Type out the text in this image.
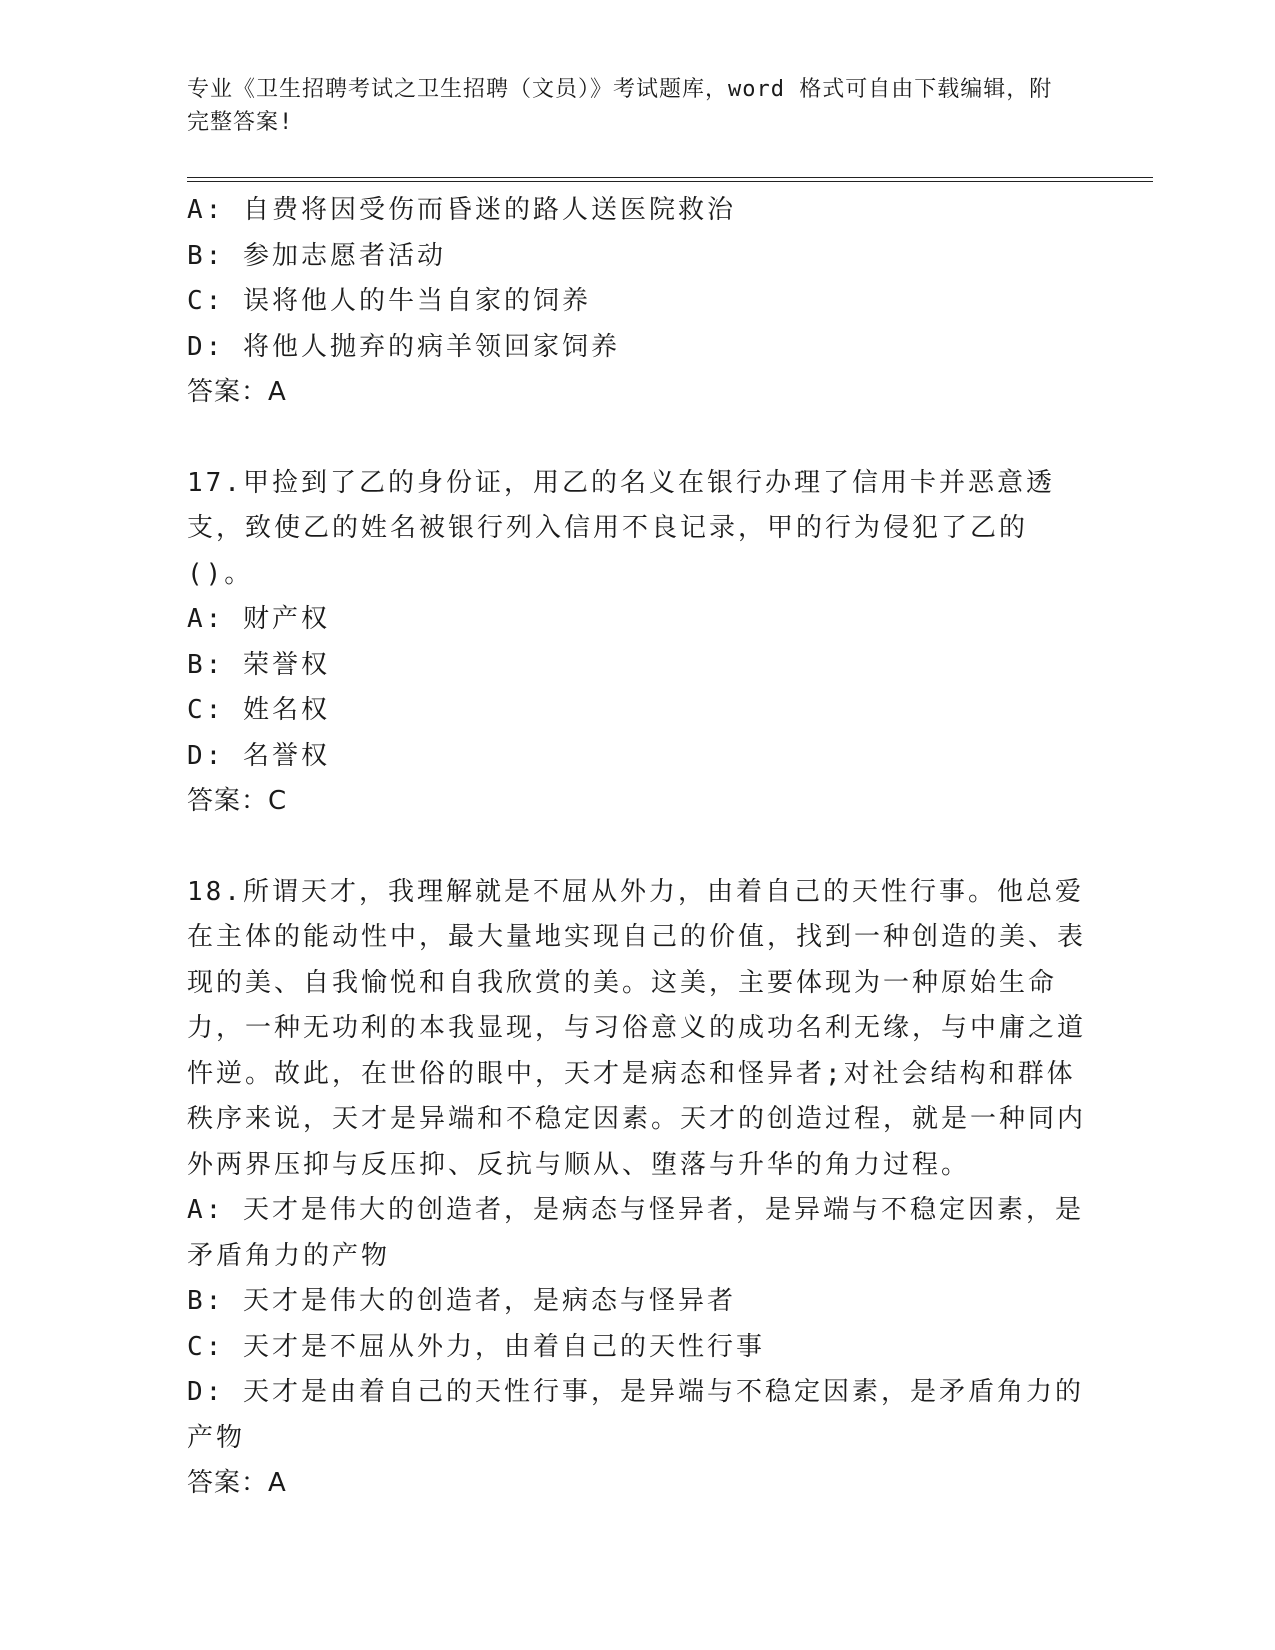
专业《卫生招聘考试之卫生招聘（文员）》考试题库，word 格式可自由下载编辑，附完整答案!

A: 自费将因受伤而昏迷的路人送医院救治

B: 参加志愿者活动

C: 误将他人的牛当自家的饲养

D: 将他人抛弃的病羊领回家饲养

答案：A

17.甲捡到了乙的身份证，用乙的名义在银行办理了信用卡并恶意透支，致使乙的姓名被银行列入信用不良记录，甲的行为侵犯了乙的()。

A: 财产权

B: 荣誉权

C: 姓名权

D: 名誉权

答案：C

18.所谓天才，我理解就是不屈从外力，由着自己的天性行事。他总爱在主体的能动性中，最大量地实现自己的价值，找到一种创造的美、表现的美、自我愉悦和自我欣赏的美。这美，主要体现为一种原始生命力，一种无功利的本我显现，与习俗意义的成功名利无缘，与中庸之道忤逆。故此，在世俗的眼中，天才是病态和怪异者;对社会结构和群体秩序来说，天才是异端和不稳定因素。天才的创造过程，就是一种同内外两界压抑与反压抑、反抗与顺从、堕落与升华的角力过程。

A: 天才是伟大的创造者，是病态与怪异者，是异端与不稳定因素，是矛盾角力的产物

B: 天才是伟大的创造者，是病态与怪异者

C: 天才是不屈从外力，由着自己的天性行事

D: 天才是由着自己的天性行事，是异端与不稳定因素，是矛盾角力的产物

答案：A
